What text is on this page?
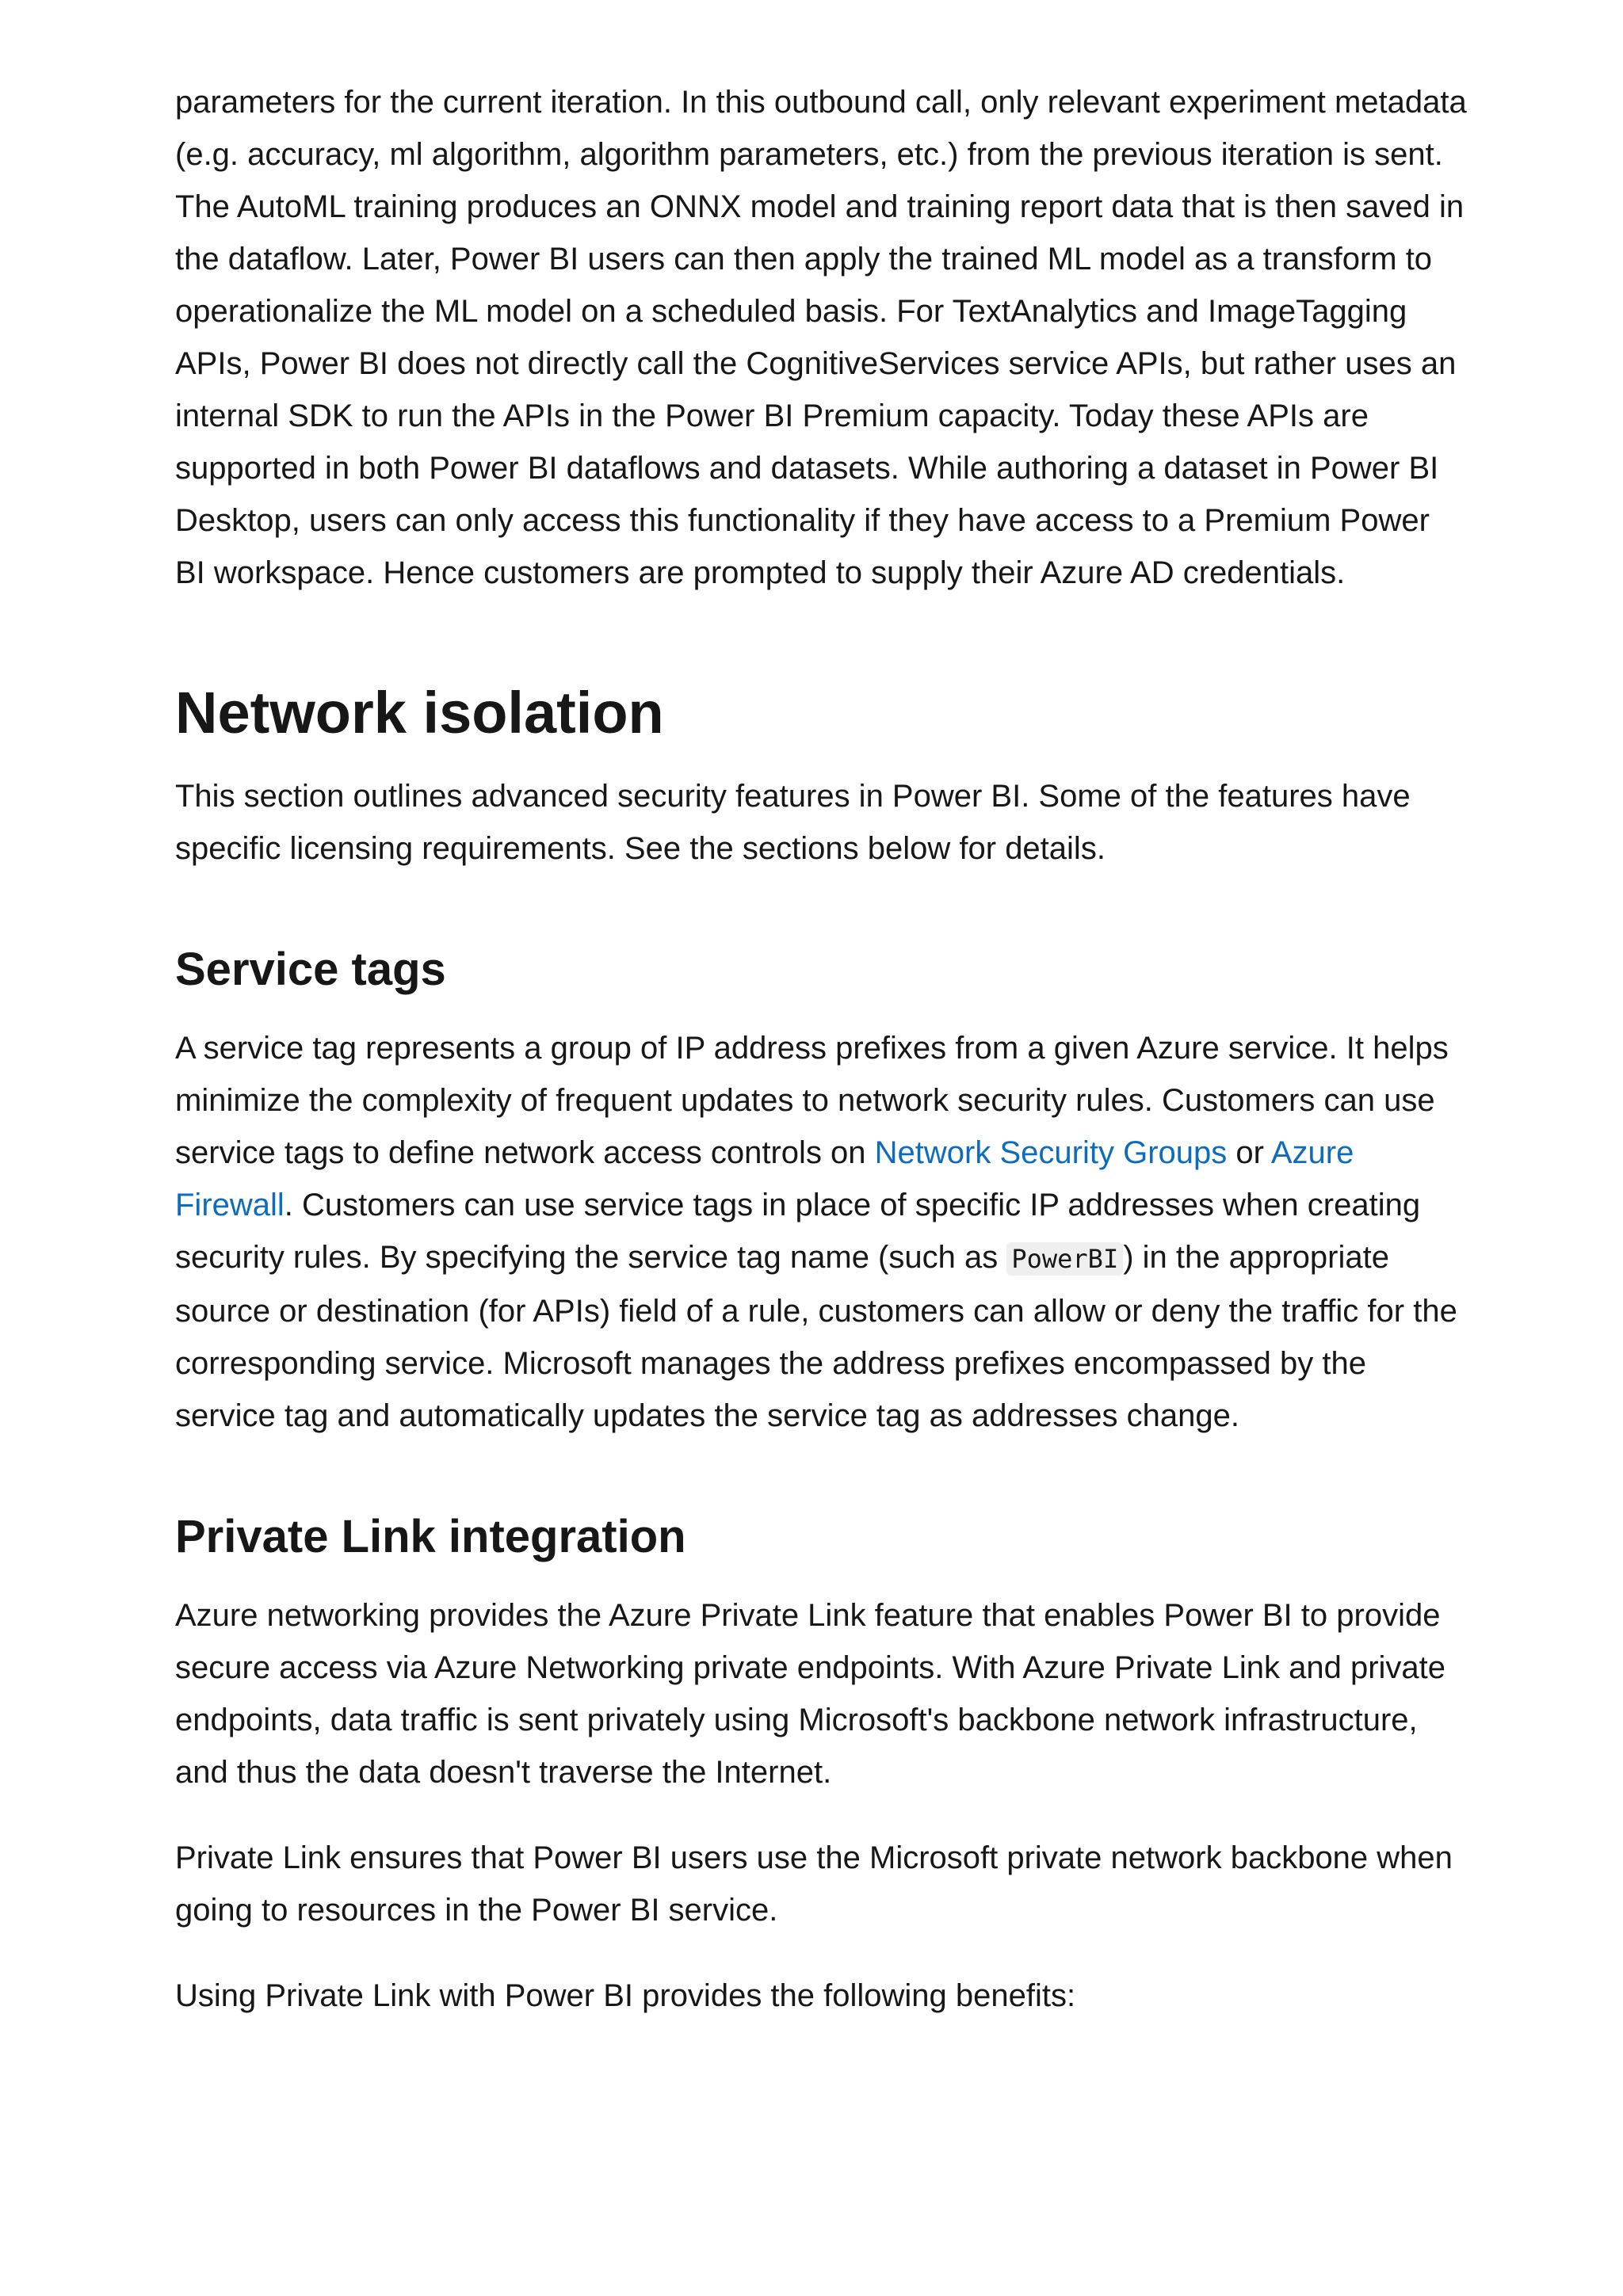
parameters for the current iteration. In this outbound call, only relevant experiment metadata (e.g. accuracy, ml algorithm, algorithm parameters, etc.) from the previous iteration is sent. The AutoML training produces an ONNX model and training report data that is then saved in the dataflow. Later, Power BI users can then apply the trained ML model as a transform to operationalize the ML model on a scheduled basis. For TextAnalytics and ImageTagging APIs, Power BI does not directly call the CognitiveServices service APIs, but rather uses an internal SDK to run the APIs in the Power BI Premium capacity. Today these APIs are supported in both Power BI dataflows and datasets. While authoring a dataset in Power BI Desktop, users can only access this functionality if they have access to a Premium Power BI workspace. Hence customers are prompted to supply their Azure AD credentials.

Network isolation

This section outlines advanced security features in Power BI. Some of the features have specific licensing requirements. See the sections below for details.

Service tags

A service tag represents a group of IP address prefixes from a given Azure service. It helps minimize the complexity of frequent updates to network security rules. Customers can use service tags to define network access controls on Network Security Groups or Azure Firewall. Customers can use service tags in place of specific IP addresses when creating security rules. By specifying the service tag name (such as PowerBI ) in the appropriate source or destination (for APIs) field of a rule, customers can allow or deny the traffic for the corresponding service. Microsoft manages the address prefixes encompassed by the service tag and automatically updates the service tag as addresses change.

Private Link integration

Azure networking provides the Azure Private Link feature that enables Power BI to provide secure access via Azure Networking private endpoints. With Azure Private Link and private endpoints, data traffic is sent privately using Microsoft's backbone network infrastructure, and thus the data doesn't traverse the Internet.

Private Link ensures that Power BI users use the Microsoft private network backbone when going to resources in the Power BI service.

Using Private Link with Power BI provides the following benefits:
